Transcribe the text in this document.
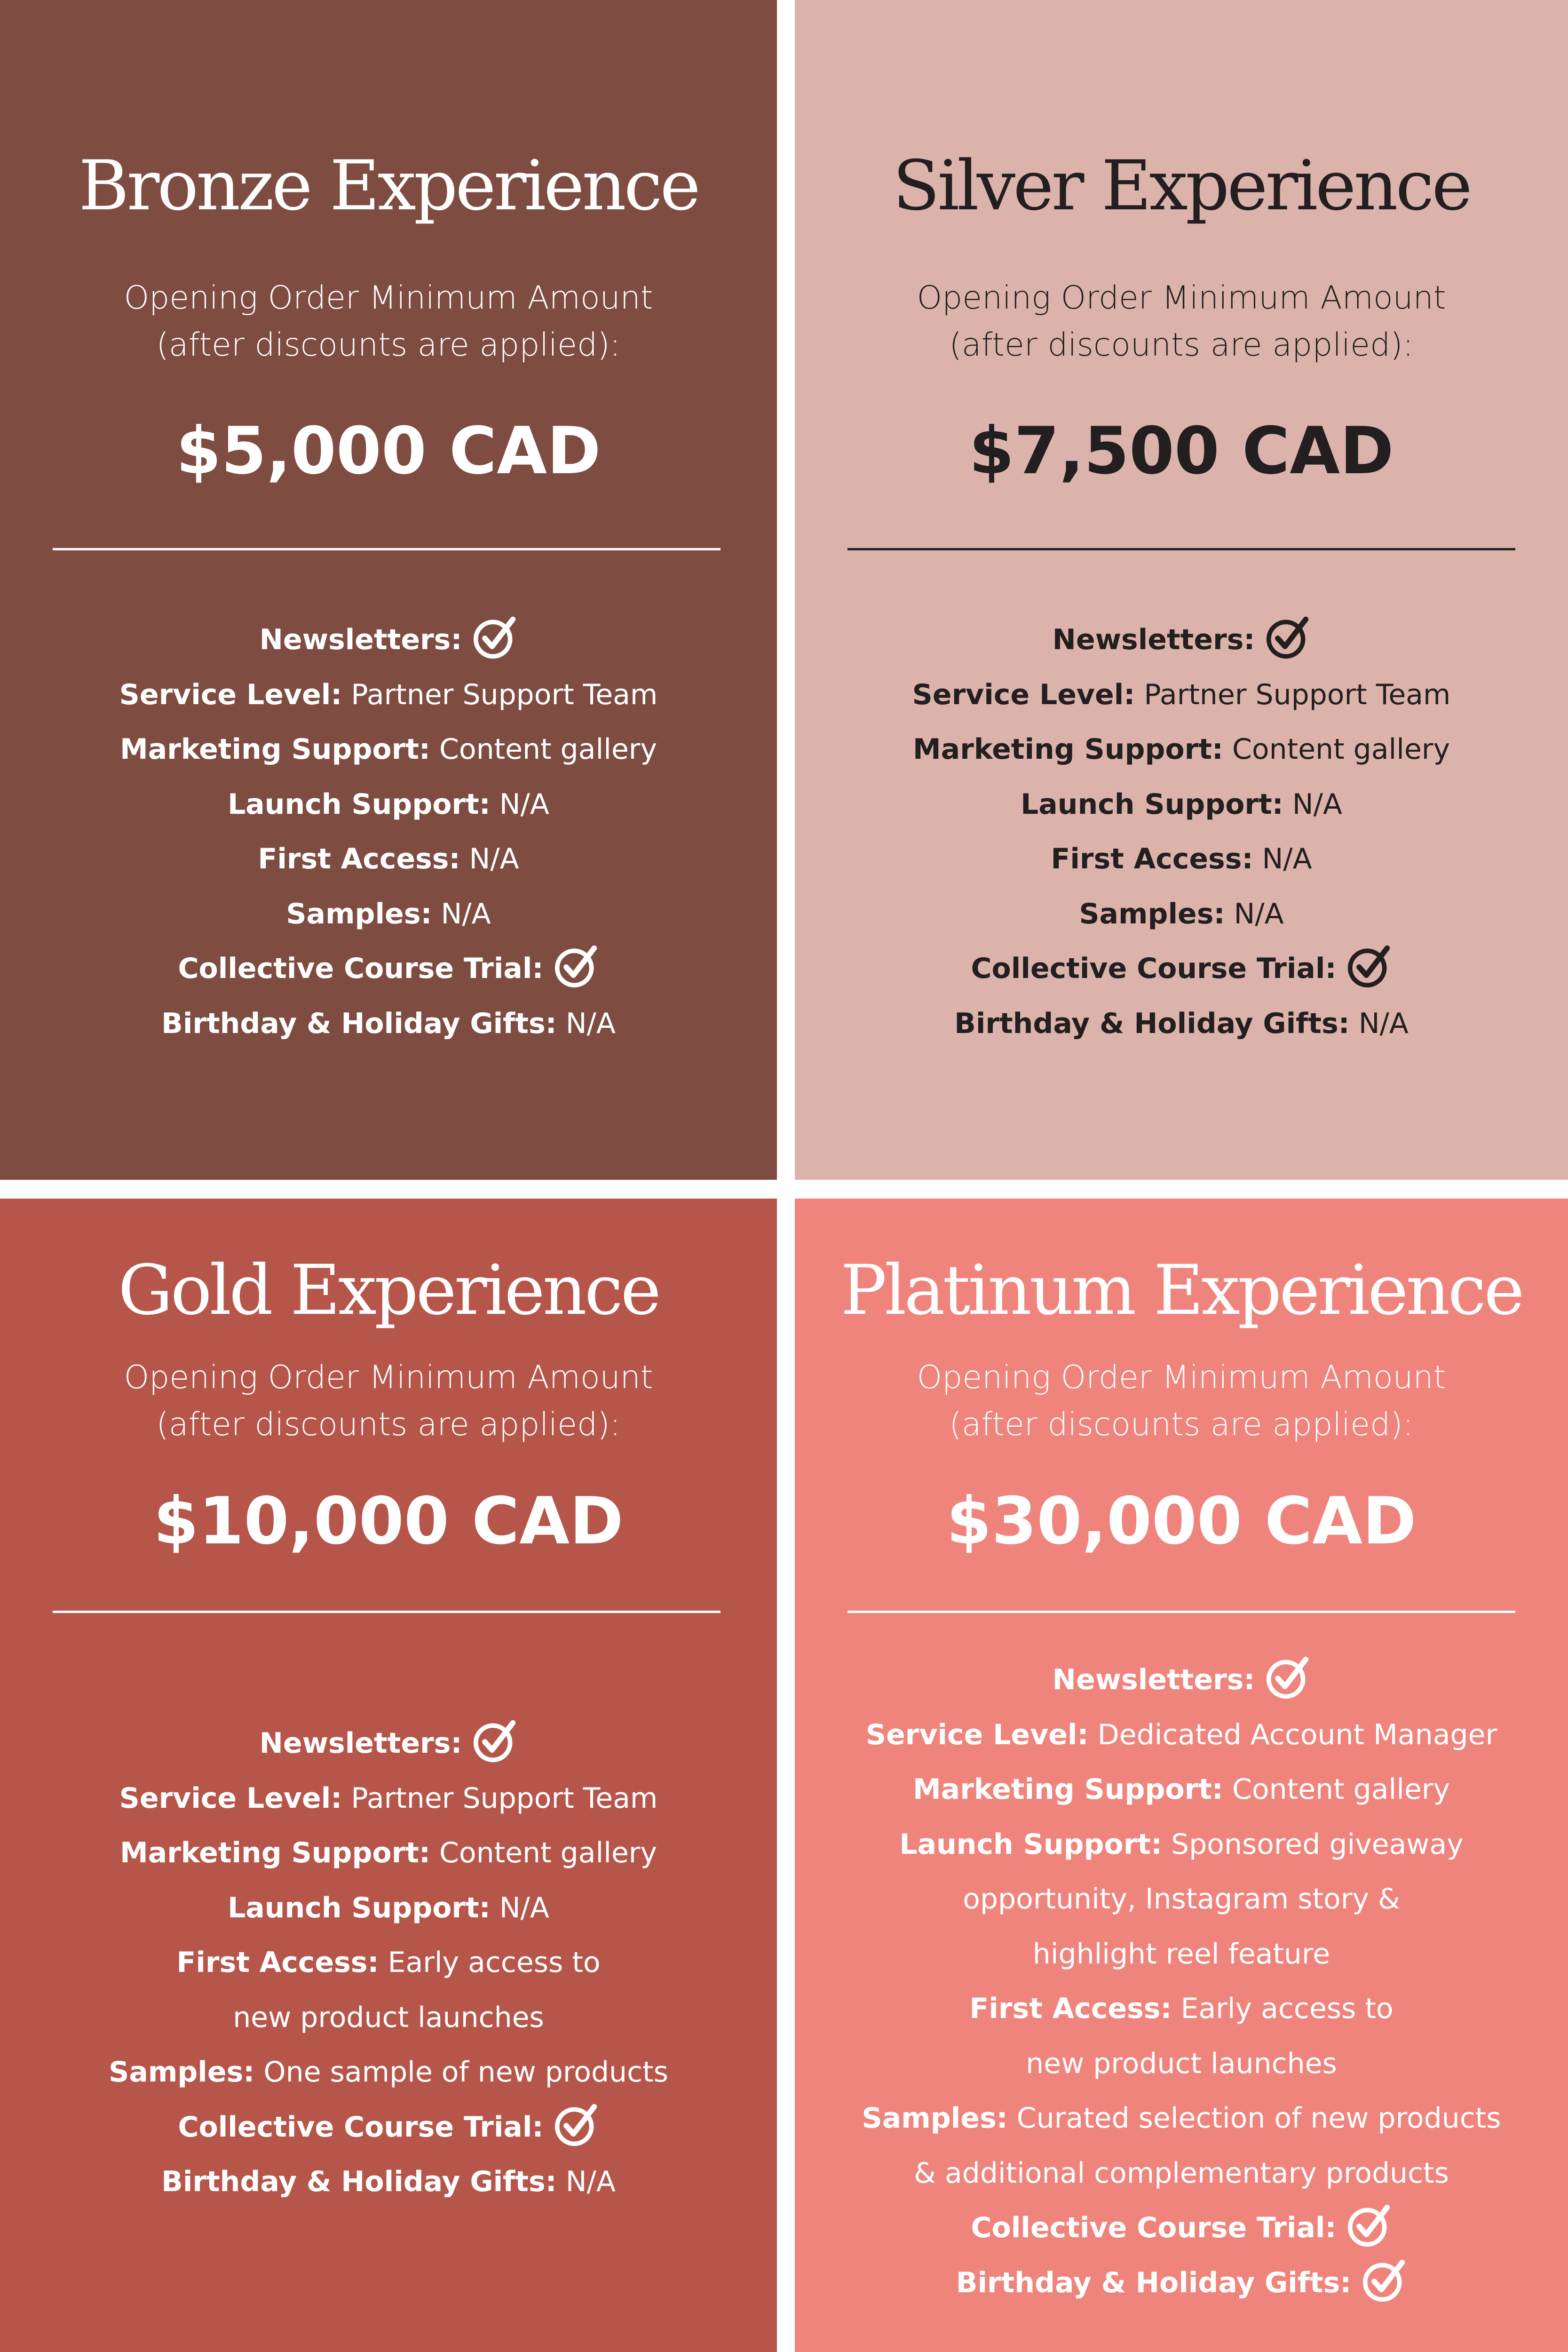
Bronze Experience

Opening Order Minimum Amount

(after discounts are applied):

$5,000 CAD

Newsletters:
Service Level: Partner Support Team
Marketing Support: Content gallery
Launch Support: N/A
First Access: N/A
Samples: N/A
Collective Course Trial:
Birthday & Holiday Gifts: N/A
Silver Experience

Opening Order Minimum Amount

(after discounts are applied):

$7,500 CAD

Newsletters:
Service Level: Partner Support Team
Marketing Support: Content gallery
Launch Support: N/A
First Access: N/A
Samples: N/A
Collective Course Trial:
Birthday & Holiday Gifts: N/A
Gold Experience

Opening Order Minimum Amount

(after discounts are applied):

$10,000 CAD

Newsletters:
Service Level: Partner Support Team
Marketing Support: Content gallery
Launch Support: N/A
First Access: Early access to
new product launches
Samples: One sample of new products
Collective Course Trial:
Birthday & Holiday Gifts: N/A
Platinum Experience

Opening Order Minimum Amount

(after discounts are applied):

$30,000 CAD

Newsletters:
Service Level: Dedicated Account Manager
Marketing Support: Content gallery
Launch Support: Sponsored giveaway
opportunity, Instagram story &
highlight reel feature
First Access: Early access to
new product launches
Samples: Curated selection of new products
& additional complementary products
Collective Course Trial:
Birthday & Holiday Gifts:
